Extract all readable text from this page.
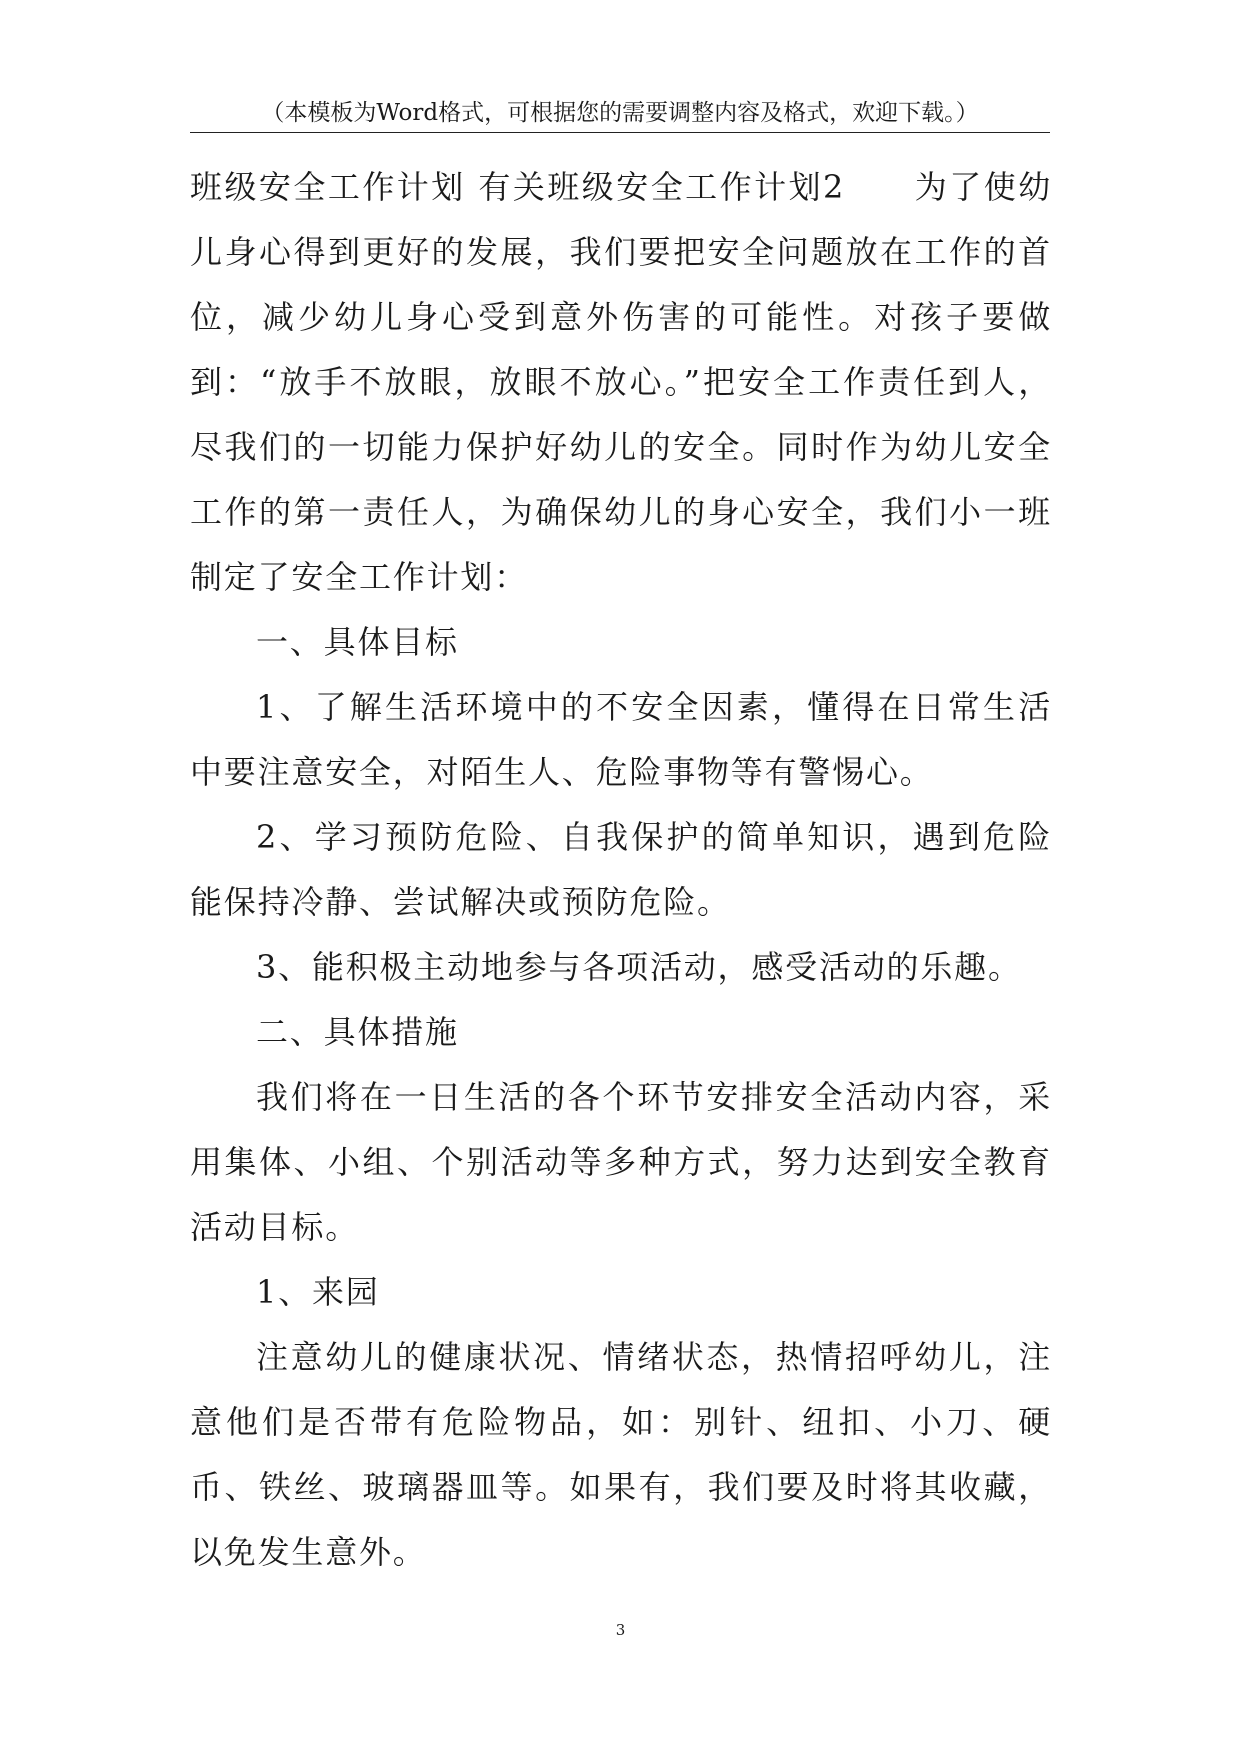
（本模板为Word格式，可根据您的需要调整内容及格式，欢迎下载。）

班级安全工作计划 有关班级安全工作计划2　　为了使幼儿身心得到更好的发展，我们要把安全问题放在工作的首位，减少幼儿身心受到意外伤害的可能性。对孩子要做到：“放手不放眼，放眼不放心。”把安全工作责任到人，尽我们的一切能力保护好幼儿的安全。同时作为幼儿安全工作的第一责任人，为确保幼儿的身心安全，我们小一班制定了安全工作计划：

一、具体目标

1、了解生活环境中的不安全因素，懂得在日常生活中要注意安全，对陌生人、危险事物等有警惕心。

2、学习预防危险、自我保护的简单知识，遇到危险能保持冷静、尝试解决或预防危险。

3、能积极主动地参与各项活动，感受活动的乐趣。

二、具体措施

我们将在一日生活的各个环节安排安全活动内容，采用集体、小组、个别活动等多种方式，努力达到安全教育活动目标。

1、来园

注意幼儿的健康状况、情绪状态，热情招呼幼儿，注意他们是否带有危险物品，如：别针、纽扣、小刀、硬币、铁丝、玻璃器皿等。如果有，我们要及时将其收藏，以免发生意外。

3
